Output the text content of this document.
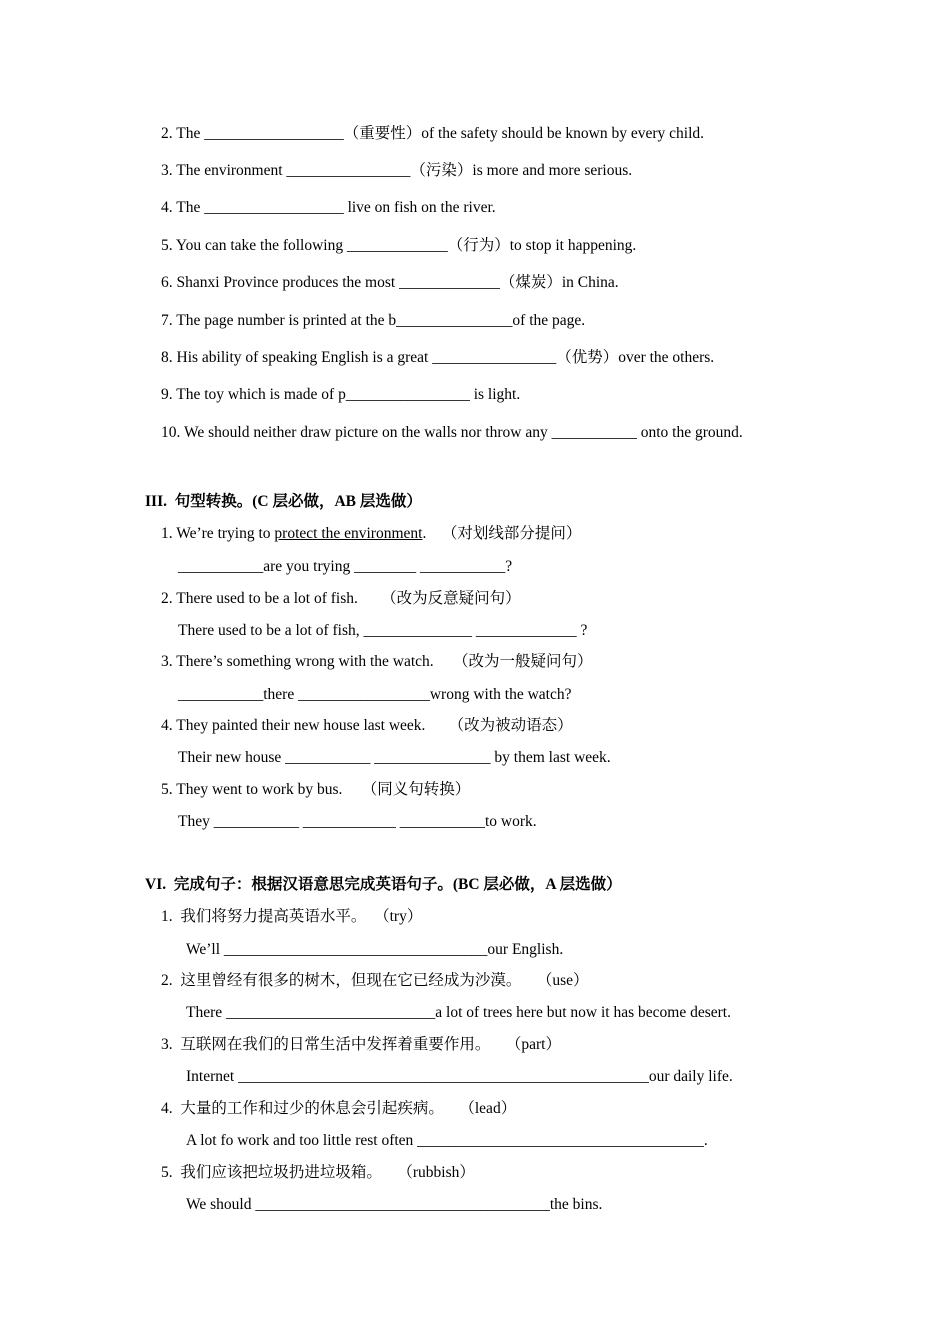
2. The __________________（重要性）of the safety should be known by every child.
3. The environment ________________（污染）is more and more serious.
4. The __________________ live on fish on the river.
5. You can take the following _____________（行为）to stop it happening.
6. Shanxi Province produces the most _____________（煤炭）in China.
7. The page number is printed at the b_______________of the page.
8. His ability of speaking English is a great ________________（优势）over the others.
9. The toy which is made of p________________ is light.
10. We should neither draw picture on the walls nor throw any ___________ onto the ground.
III.  句型转换。(C 层必做，AB 层选做）
1. We’re trying to protect the environment.    （对划线部分提问）
___________are you trying ________ ___________?
2. There used to be a lot of fish.      （改为反意疑问句）
There used to be a lot of fish, ______________ _____________ ?
3. There’s something wrong with the watch.     （改为一般疑问句）
___________there _________________wrong with the watch?
4. They painted their new house last week.      （改为被动语态）
Their new house ___________ _______________ by them last week.
5. They went to work by bus.     （同义句转换）
They ___________ ____________ ___________to work.
VI.  完成句子：根据汉语意思完成英语句子。(BC 层必做，A 层选做）
1.  我们将努力提高英语水平。  （try）
We’ll __________________________________our English.
2.  这里曾经有很多的树木，但现在它已经成为沙漠。    （use）
There ___________________________a lot of trees here but now it has become desert.
3.  互联网在我们的日常生活中发挥着重要作用。    （part）
Internet _____________________________________________________our daily life.
4.  大量的工作和过少的休息会引起疾病。    （lead）
A lot fo work and too little rest often _____________________________________.
5.  我们应该把垃圾扔进垃圾箱。    （rubbish）
We should ______________________________________the bins.
